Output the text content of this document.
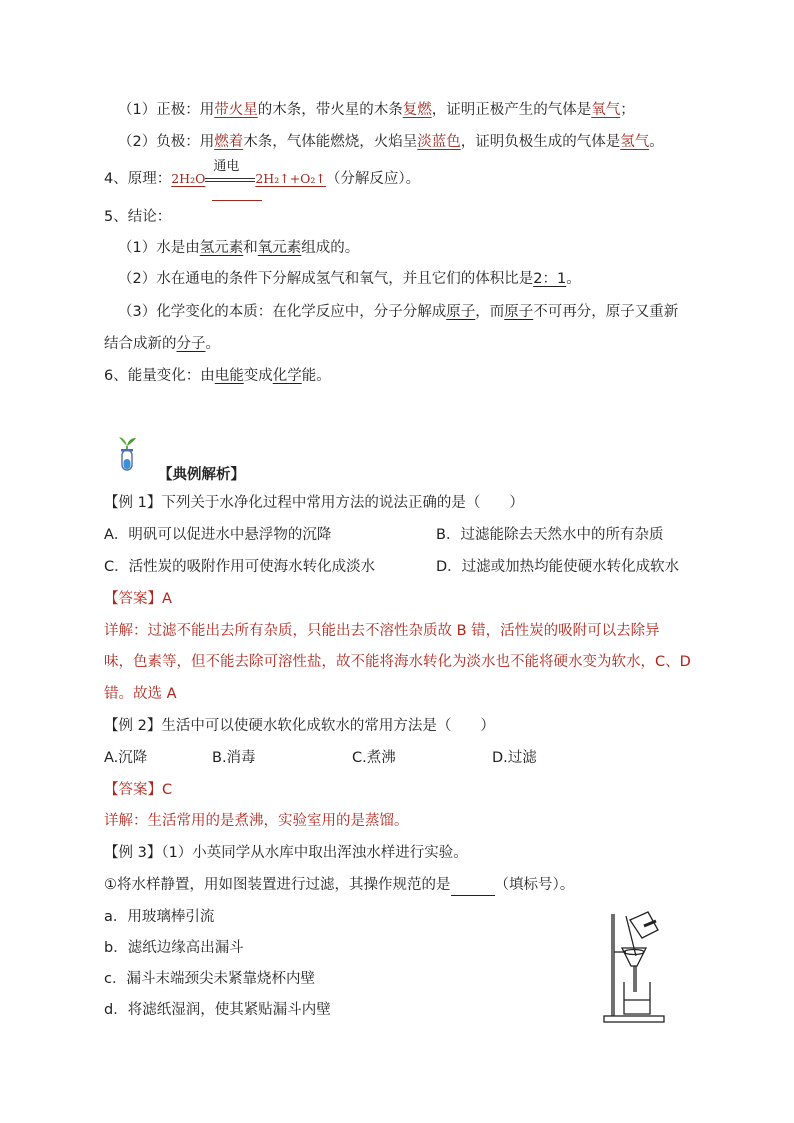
（1）正极：用带火星的木条，带火星的木条复燃，证明正极产生的气体是氧气；
（2）负极：用燃着木条，气体能燃烧，火焰呈淡蓝色，证明负极生成的气体是氢气。
4、原理：2H₂O
通电
2H₂↑+O₂↑（分解反应）。
5、结论：
（1）水是由氢元素和氧元素组成的。
（2）水在通电的条件下分解成氢气和氧气，并且它们的体积比是2：1。
（3）化学变化的本质：在化学反应中，分子分解成原子，而原子不可再分，原子又重新
结合成新的分子。
6、能量变化：由电能变成化学能。
【典例解析】
【例 1】下列关于水净化过程中常用方法的说法正确的是（　　）
A．明矾可以促进水中悬浮物的沉降	B．过滤能除去天然水中的所有杂质
C．活性炭的吸附作用可使海水转化成淡水	D．过滤或加热均能使硬水转化成软水
【答案】A
详解：过滤不能出去所有杂质，只能出去不溶性杂质故 B 错，活性炭的吸附可以去除异
味，色素等，但不能去除可溶性盐，故不能将海水转化为淡水也不能将硬水变为软水，C、D
错。故选 A
【例 2】生活中可以使硬水软化成软水的常用方法是（　　）
A.沉降	B.消毒	C.煮沸	D.过滤
【答案】C
详解：生活常用的是煮沸，实验室用的是蒸馏。
【例 3】（1）小英同学从水库中取出浑浊水样进行实验。
①将水样静置，用如图装置进行过滤，其操作规范的是	（填标号）。
a．用玻璃棒引流
b．滤纸边缘高出漏斗
c．漏斗末端颈尖未紧靠烧杯内壁
d．将滤纸湿润，使其紧贴漏斗内壁
